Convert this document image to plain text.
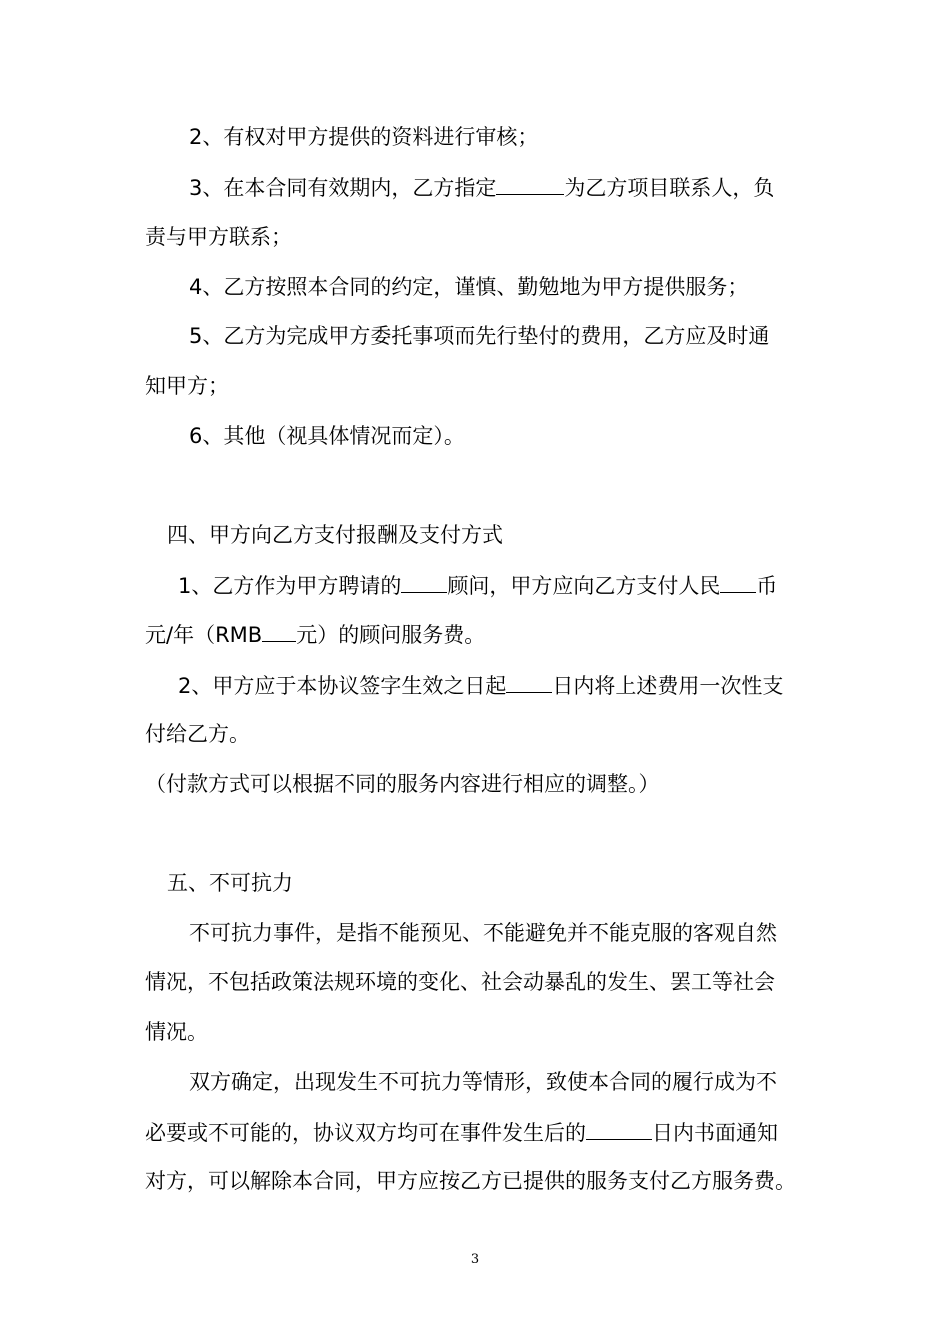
2、有权对甲方提供的资料进行审核；
3、在本合同有效期内，乙方指定	为乙方项目联系人，负
责与甲方联系；
4、乙方按照本合同的约定，谨慎、勤勉地为甲方提供服务；
5、乙方为完成甲方委托事项而先行垫付的费用，乙方应及时通
知甲方；
6、其他（视具体情况而定）。
四、甲方向乙方支付报酬及支付方式
1、乙方作为甲方聘请的 顾问，甲方应向乙方支付人民 币
元/年（RMB 元）的顾问服务费。
2、甲方应于本协议签字生效之日起 日内将上述费用一次性支
付给乙方。
（付款方式可以根据不同的服务内容进行相应的调整。）
五、不可抗力
不可抗力事件，是指不能预见、不能避免并不能克服的客观自然
情况，不包括政策法规环境的变化、社会动暴乱的发生、罢工等社会
情况。
双方确定，出现发生不可抗力等情形，致使本合同的履行成为不
必要或不可能的，协议双方均可在事件发生后的	日内书面通知
对方，可以解除本合同，甲方应按乙方已提供的服务支付乙方服务费。
3
